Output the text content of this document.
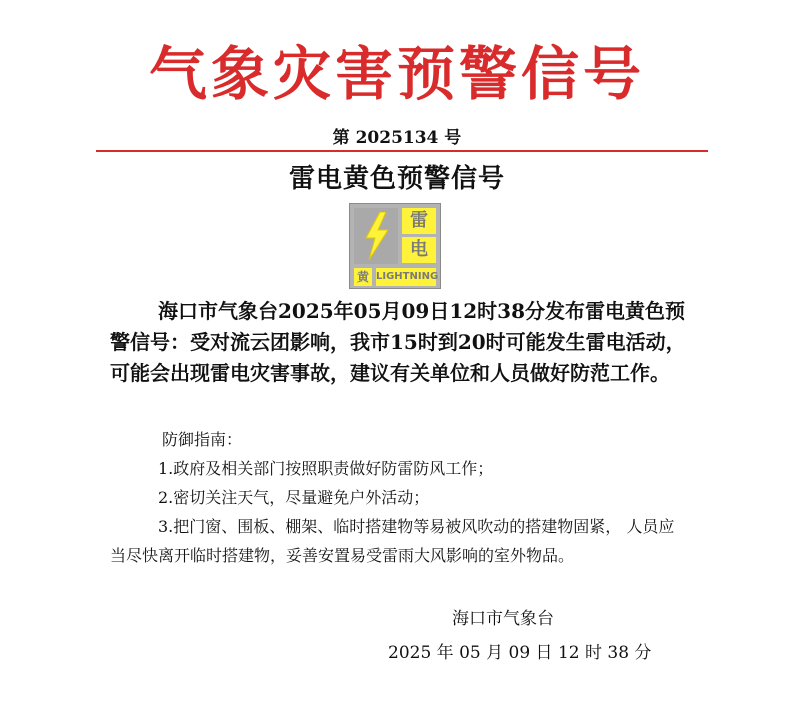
气象灾害预警信号
第 2025134 号
雷电黄色预警信号
雷
电
黄 LIGHTNING

海口市气象台2025年05月09日12时38分发布雷电黄色预警信号：受对流云团影响，我市15时到20时可能发生雷电活动，可能会出现雷电灾害事故，建议有关单位和人员做好防范工作。

防御指南：
1.政府及相关部门按照职责做好防雷防风工作；
2.密切关注天气，尽量避免户外活动；
3.把门窗、围板、棚架、临时搭建物等易被风吹动的搭建物固紧， 人员应当尽快离开临时搭建物，妥善安置易受雷雨大风影响的室外物品。
海口市气象台
2025 年 05 月 09 日 12 时 38 分
